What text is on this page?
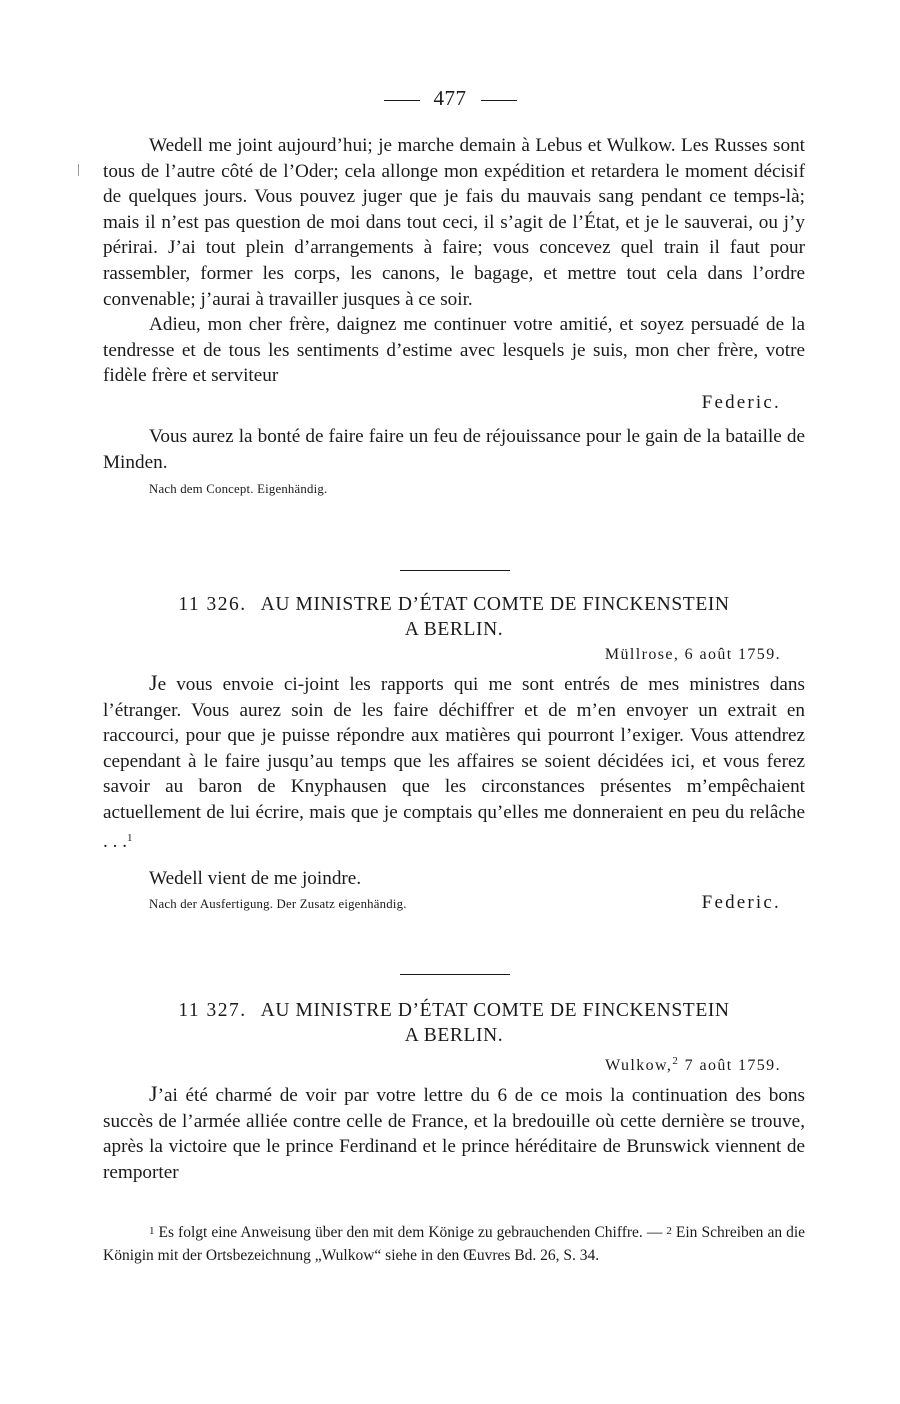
477

Wedell me joint aujourd’hui; je marche demain à Lebus et Wulkow. Les Russes sont tous de l’autre côté de l’Oder; cela allonge mon expédition et retardera le moment décisif de quelques jours. Vous pouvez juger que je fais du mauvais sang pendant ce temps-là; mais il n’est pas question de moi dans tout ceci, il s’agit de l’État, et je le sauverai, ou j’y périrai. J’ai tout plein d’arrangements à faire; vous concevez quel train il faut pour rassembler, former les corps, les canons, le bagage, et mettre tout cela dans l’ordre convenable; j’aurai à travailler jusques à ce soir.

Adieu, mon cher frère, daignez me continuer votre amitié, et soyez persuadé de la tendresse et de tous les sentiments d’estime avec lesquels je suis, mon cher frère, votre fidèle frère et serviteur

Federic.

Vous aurez la bonté de faire faire un feu de réjouissance pour le gain de la bataille de Minden.

Nach dem Concept. Eigenhändig.
11 326. AU MINISTRE D’ÉTAT COMTE DE FINCKENSTEIN
A BERLIN.
Müllrose, 6 août 1759.

Je vous envoie ci-joint les rapports qui me sont entrés de mes ministres dans l’étranger. Vous aurez soin de les faire déchiffrer et de m’en envoyer un extrait en raccourci, pour que je puisse répondre aux matières qui pourront l’exiger. Vous attendrez cependant à le faire jusqu’au temps que les affaires se soient décidées ici, et vous ferez savoir au baron de Knyphausen que les circonstances présentes m’empêchaient actuellement de lui écrire, mais que je comptais qu’elles me donneraient en peu du relâche . . .$^1$

Wedell vient de me joindre.

Nach der Ausfertigung. Der Zusatz eigenhändig.	Federic.
11 327. AU MINISTRE D’ÉTAT COMTE DE FINCKENSTEIN
A BERLIN.
Wulkow,$^2$ 7 août 1759.

J’ai été charmé de voir par votre lettre du 6 de ce mois la continuation des bons succès de l’armée alliée contre celle de France, et la bredouille où cette dernière se trouve, après la victoire que le prince Ferdinand et le prince héréditaire de Brunswick viennent de remporter

1 Es folgt eine Anweisung über den mit dem Könige zu gebrauchenden Chiffre. — 2 Ein Schreiben an die Königin mit der Ortsbezeichnung „Wulkow“ siehe in den Œuvres Bd. 26, S. 34.
